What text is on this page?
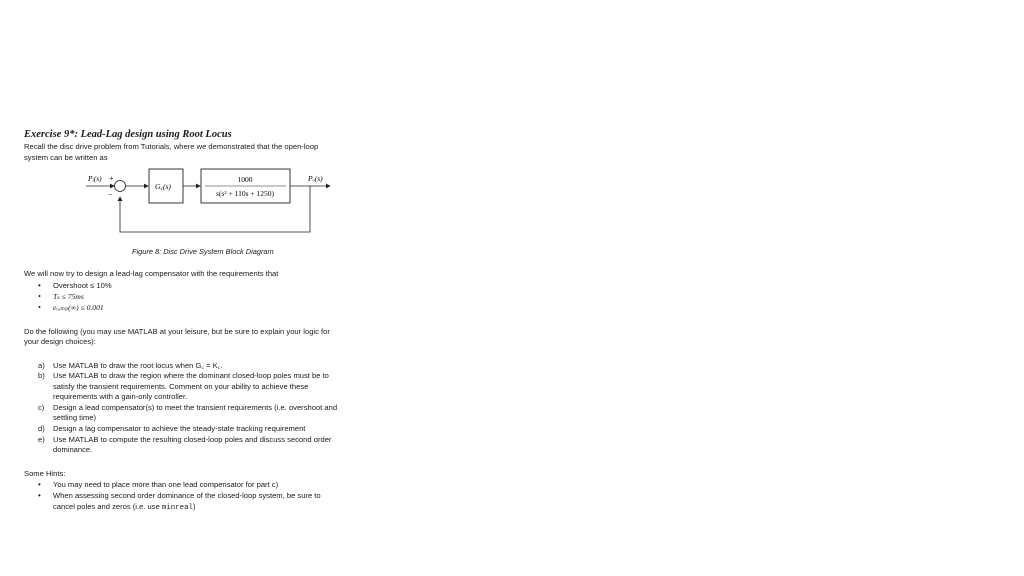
Exercise 9*: Lead-Lag design using Root Locus

Recall the disc drive problem from Tutorials, where we demonstrated that the open-loop

system can be written as

Pᵢ(s) +
−
G꜀(s)
1000
s(s² + 110s + 1250)
Pₒ(s)

Figure 8: Disc Drive System Block Diagram

We will now try to design a lead-lag compensator with the requirements that

• Overshoot ≤ 10%
• Tₛ ≤ 75ms
• eᵣₐₘₚ(∞) ≤ 0.001

Do the following (you may use MATLAB at your leisure, but be sure to explain your logic for

your design choices):

a) Use MATLAB to draw the root locus when G꜀ = K꜀.
b) Use MATLAB to draw the region where the dominant closed-loop poles must be to
satisfy the transient requirements. Comment on your ability to achieve these
requirements with a gain-only controller.
c) Design a lead compensator(s) to meet the transient requirements (i.e. overshoot and
settling time)
d) Design a lag compensator to achieve the steady-state tracking requirement
e) Use MATLAB to compute the resulting closed-loop poles and discuss second order
dominance.

Some Hints:

• You may need to place more than one lead compensator for part c)
• When assessing second order dominance of the closed-loop system, be sure to
cancel poles and zeros (i.e. use minreal)
